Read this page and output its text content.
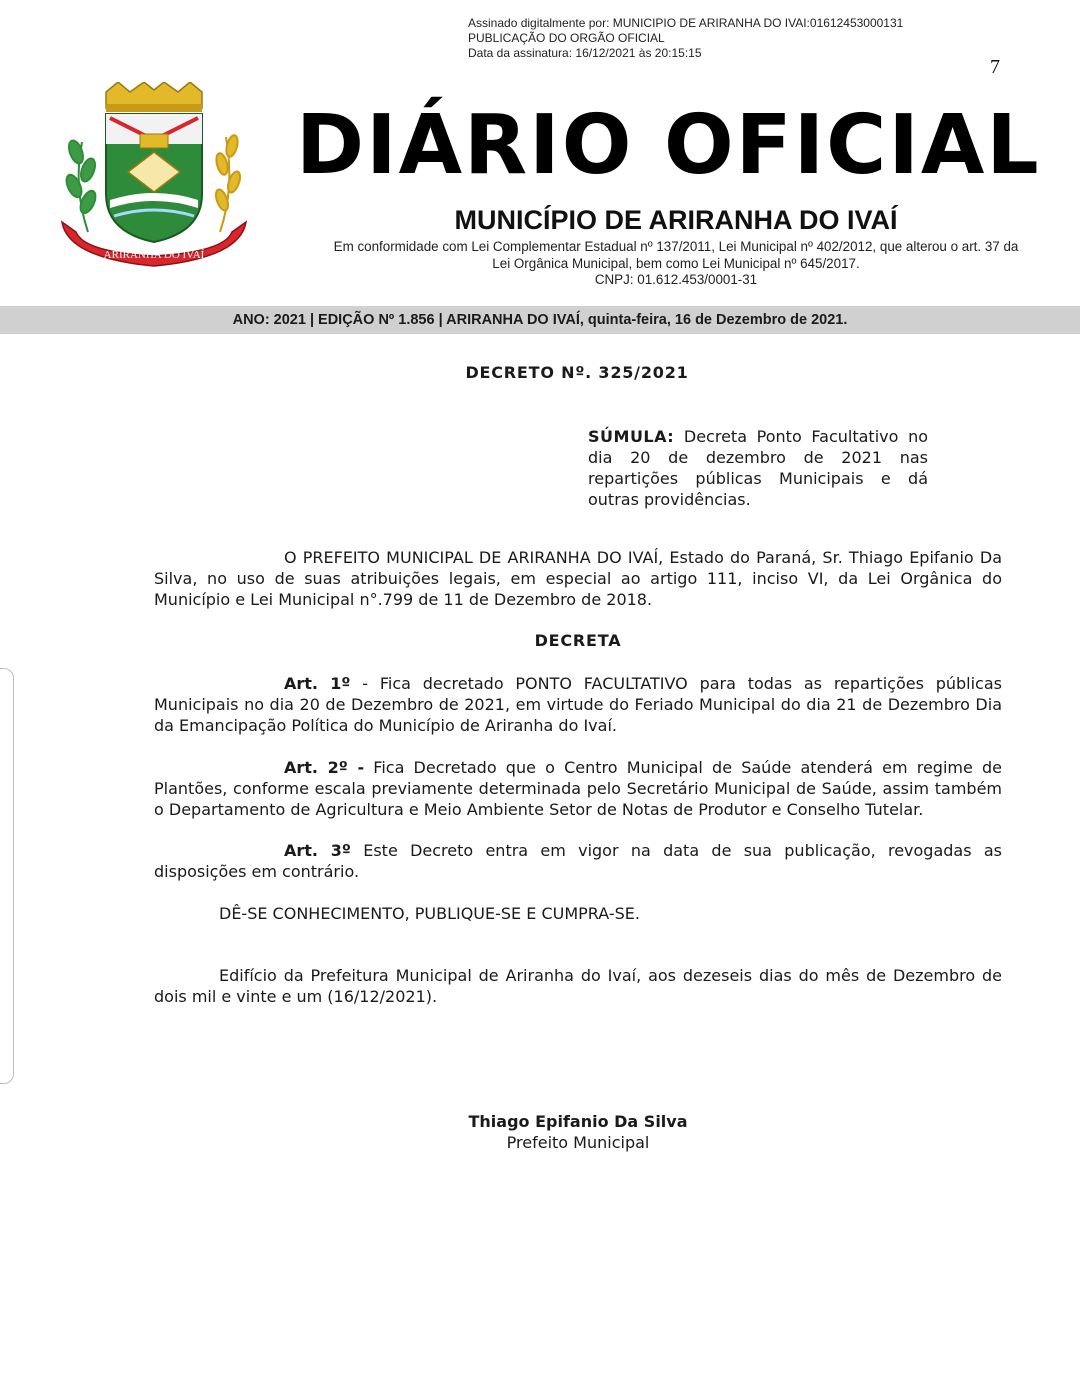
Assinado digitalmente por: MUNICIPIO DE ARIRANHA DO IVAI:01612453000131
PUBLICAÇÃO DO ORGÃO OFICIAL
Data da assinatura: 16/12/2021 às 20:15:15
7
ARIRANHA DO IVAÍ
DIÁRIO OFICIAL
MUNICÍPIO DE ARIRANHA DO IVAÍ
Em conformidade com Lei Complementar Estadual nº 137/2011, Lei Municipal nº 402/2012, que alterou o art. 37 da
Lei Orgânica Municipal, bem como Lei Municipal nº 645/2017.
CNPJ: 01.612.453/0001-31
ANO: 2021 | EDIÇÃO Nº 1.856 | ARIRANHA DO IVAÍ, quinta-feira, 16 de Dezembro de 2021.
DECRETO Nº. 325/2021
SÚMULA: Decreta Ponto Facultativo no dia 20 de dezembro de 2021 nas repartições públicas Municipais e dá outras providências.
O PREFEITO MUNICIPAL DE ARIRANHA DO IVAÍ, Estado do Paraná, Sr. Thiago Epifanio Da Silva, no uso de suas atribuições legais, em especial ao artigo 111, inciso VI, da Lei Orgânica do Município e Lei Municipal n°.799 de 11 de Dezembro de 2018.
DECRETA
Art. 1º - Fica decretado PONTO FACULTATIVO para todas as repartições públicas Municipais no dia 20 de Dezembro de 2021, em virtude do Feriado Municipal do dia 21 de Dezembro Dia da Emancipação Política do Município de Ariranha do Ivaí.
Art. 2º - Fica Decretado que o Centro Municipal de Saúde atenderá em regime de Plantões, conforme escala previamente determinada pelo Secretário Municipal de Saúde, assim também o Departamento de Agricultura e Meio Ambiente Setor de Notas de Produtor e Conselho Tutelar.
Art. 3º Este Decreto entra em vigor na data de sua publicação, revogadas as disposições em contrário.
DÊ-SE CONHECIMENTO, PUBLIQUE-SE E CUMPRA-SE.
Edifício da Prefeitura Municipal de Ariranha do Ivaí, aos dezeseis dias do mês de Dezembro de dois mil e vinte e um (16/12/2021).
Thiago Epifanio Da Silva
Prefeito Municipal
